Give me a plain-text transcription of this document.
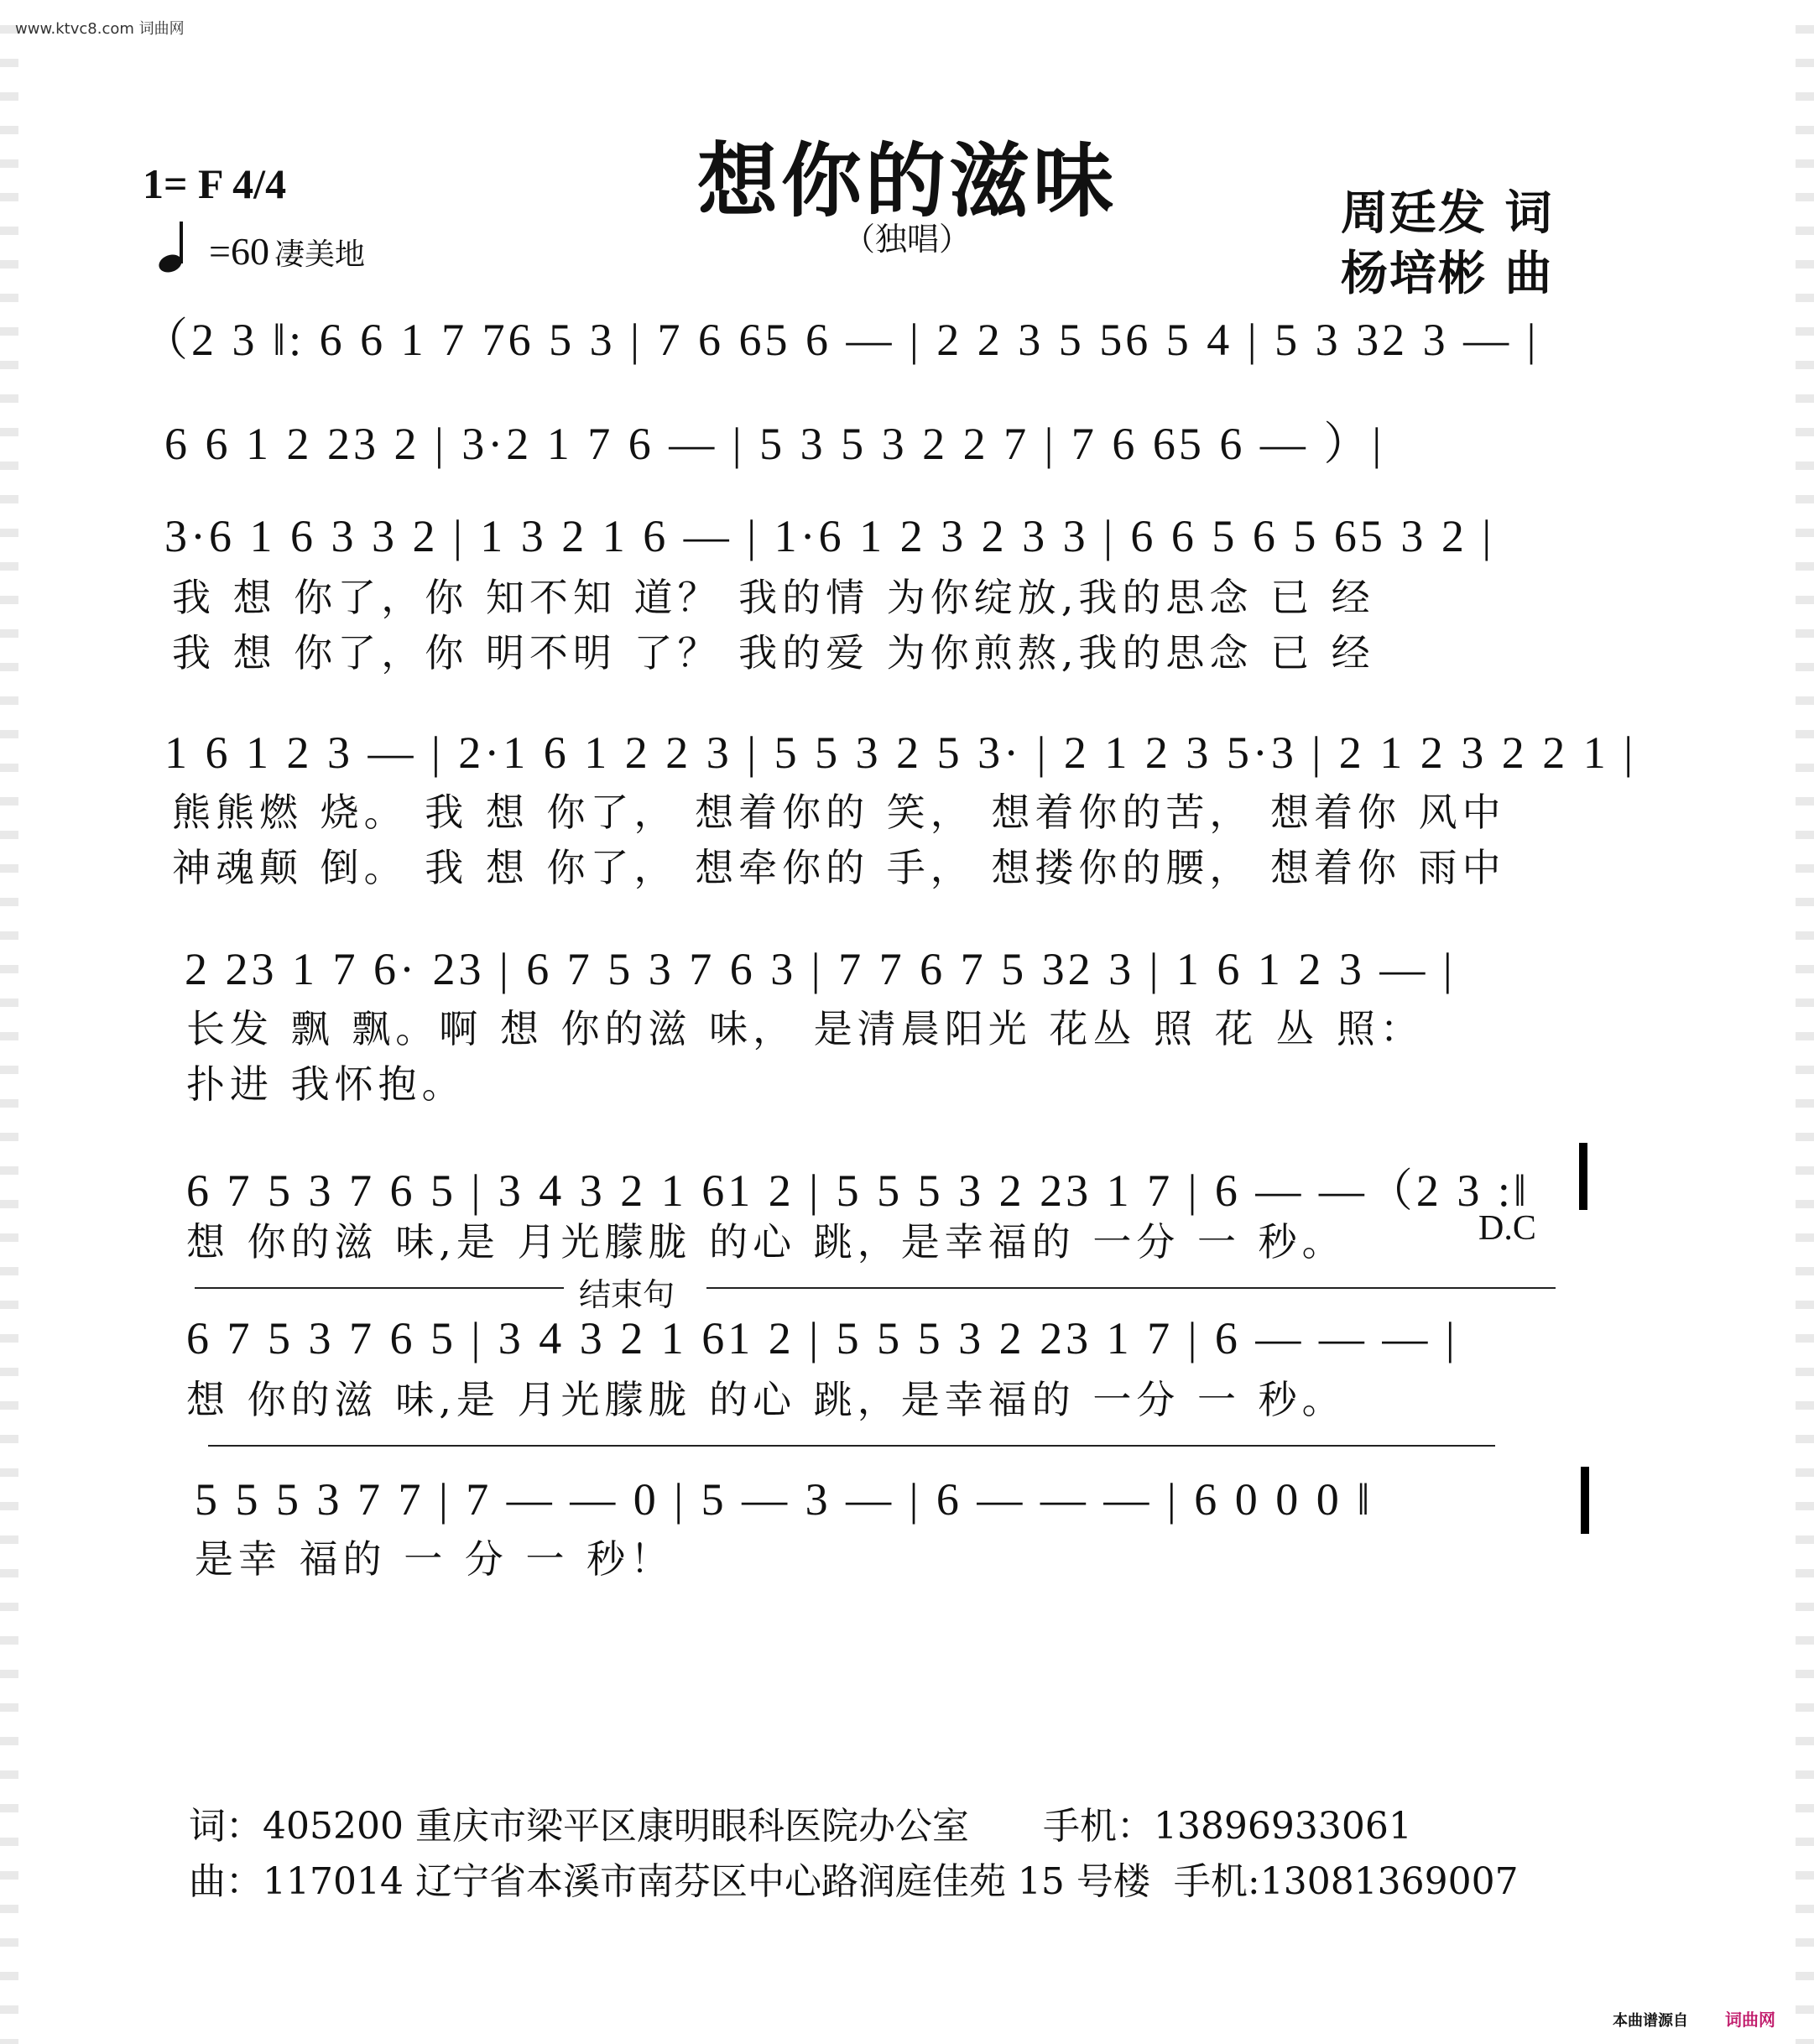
www.ktvc8.com 词曲网
想你的滋味
（独唱）
1= F 4/4
=60 凄美地
周廷发 词
杨培彬 曲
（2 3 ‖: 6 6 1 7 76 5 3 | 7 6 65 6 — | 2 2 3 5 56 5 4 | 5 3 32 3 — |
6 6 1 2 23 2 | 3·2 1 7 6 — | 5 3 5 3 2 2 7 | 7 6 65 6 — ）|
3·6 1 6 3 3 2 | 1 3 2 1 6 — | 1·6 1 2 3 2 3 3 | 6 6 5 6 5 65 3 2 |
我 想 你了，你 知不知 道？ 我的情 为你绽放,我的思念 已 经
我 想 你了，你 明不明 了？ 我的爱 为你煎熬,我的思念 已 经
1 6 1 2 3 — | 2·1 6 1 2 2 3 | 5 5 3 2 5 3· | 2 1 2 3 5·3 | 2 1 2 3 2 2 1 |
熊熊燃 烧。 我 想 你了， 想着你的 笑， 想着你的苦， 想着你 风中
神魂颠 倒。 我 想 你了， 想牵你的 手， 想搂你的腰， 想着你 雨中
2 23 1 7 6· 23 | 6 7 5 3 7 6 3 | 7 7 6 7 5 32 3 | 1 6 1 2 3 — |
长发 飘 飘。啊 想 你的滋 味， 是清晨阳光 花丛 照 花 丛 照：
扑进 我怀抱。
6 7 5 3 7 6 5 | 3 4 3 2 1 61 2 | 5 5 5 3 2 23 1 7 | 6 — —（2 3 :‖
想 你的滋 味,是 月光朦胧 的心 跳，是幸福的 一分 一 秒。	D.C
结束句
6 7 5 3 7 6 5 | 3 4 3 2 1 61 2 | 5 5 5 3 2 23 1 7 | 6 — — — |
想 你的滋 味,是 月光朦胧 的心 跳，是幸福的 一分 一 秒。
5 5 5 3 7 7 | 7 — — 0 | 5 — 3 — | 6 — — — | 6 0 0 0 ‖
是幸 福的 一 分 一 秒！
词：405200 重庆市梁平区康明眼科医院办公室　　手机：13896933061
曲：117014 辽宁省本溪市南芬区中心路润庭佳苑 15 号楼  手机:13081369007
本曲谱源自 词曲网
